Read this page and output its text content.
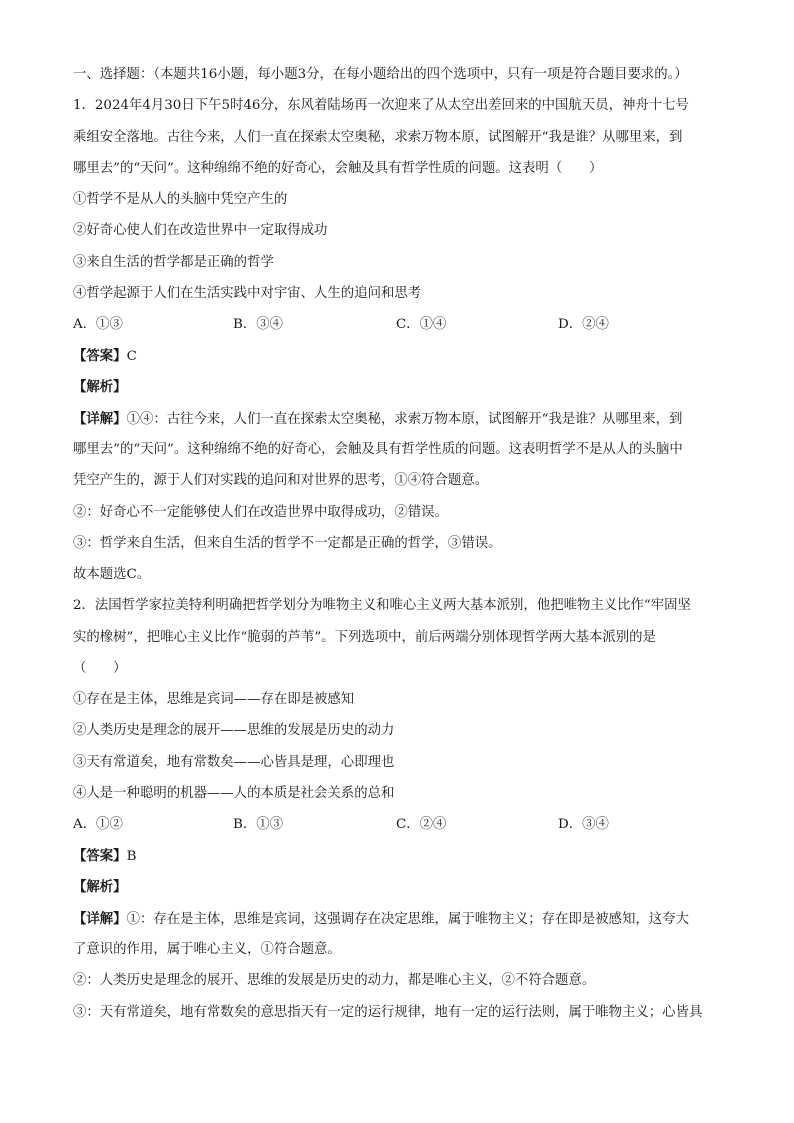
一、选择题：（本题共16小题，每小题3分，在每小题给出的四个选项中，只有一项是符合题目要求的。）
1．2024年4月30日下午5时46分，东风着陆场再一次迎来了从太空出差回来的中国航天员，神舟十七号
乘组安全落地。古往今来，人们一直在探索太空奥秘，求索万物本原，试图解开“我是谁？从哪里来，到
哪里去”的“天问”。这种绵绵不绝的好奇心，会触及具有哲学性质的问题。这表明（　　）
①哲学不是从人的头脑中凭空产生的
②好奇心使人们在改造世界中一定取得成功
③来自生活的哲学都是正确的哲学
④哲学起源于人们在生活实践中对宇宙、人生的追问和思考
A．①③	B．③④	C．①④	D．②④
【答案】C
【解析】
【详解】①④：古往今来，人们一直在探索太空奥秘，求索万物本原，试图解开“我是谁？从哪里来，到
哪里去”的“天问”。这种绵绵不绝的好奇心，会触及具有哲学性质的问题。这表明哲学不是从人的头脑中
凭空产生的，源于人们对实践的追问和对世界的思考，①④符合题意。
②：好奇心不一定能够使人们在改造世界中取得成功，②错误。
③：哲学来自生活，但来自生活的哲学不一定都是正确的哲学，③错误。
故本题选C。
2．法国哲学家拉美特利明确把哲学划分为唯物主义和唯心主义两大基本派别，他把唯物主义比作“牢固坚
实的橡树”，把唯心主义比作“脆弱的芦苇”。下列选项中，前后两端分别体现哲学两大基本派别的是
（　　）
①存在是主体，思维是宾词——存在即是被感知
②人类历史是理念的展开——思维的发展是历史的动力
③天有常道矣，地有常数矣——心皆具是理，心即理也
④人是一种聪明的机器——人的本质是社会关系的总和
A．①②	B．①③	C．②④	D．③④
【答案】B
【解析】
【详解】①：存在是主体，思维是宾词，这强调存在决定思维，属于唯物主义；存在即是被感知，这夸大
了意识的作用，属于唯心主义，①符合题意。
②：人类历史是理念的展开、思维的发展是历史的动力，都是唯心主义，②不符合题意。
③：天有常道矣，地有常数矣的意思指天有一定的运行规律，地有一定的运行法则，属于唯物主义；心皆具
